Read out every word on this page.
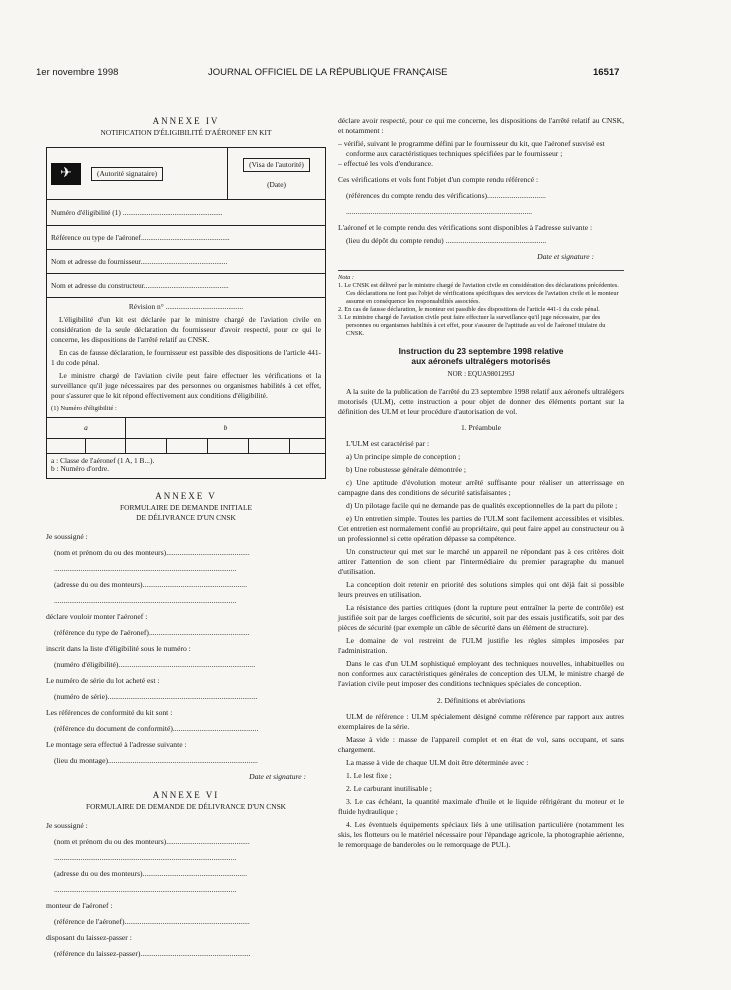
1er novembre 1998	JOURNAL OFFICIEL DE LA RÉPUBLIQUE FRANÇAISE	16517
ANNEXE IV
NOTIFICATION D'ÉLIGIBILITÉ D'AÉRONEF EN KIT
✈	(Autorité signataire)
	(Visa de l'autorité)
(Date)

Numéro d'éligibilité (1) ......................................................
Référence ou type de l'aéronef................................................
Nom et adresse du fournisseur...............................................
Nom et adresse du constructeur..............................................

Révision n° ..........................................

L'éligibilité d'un kit est déclarée par le ministre chargé de l'aviation civile en considération de la seule déclaration du fournisseur d'avoir respecté, pour ce qui le concerne, les dispositions de l'arrêté relatif au CNSK.

En cas de fausse déclaration, le fournisseur est passible des dispositions de l'article 441-1 du code pénal.

Le ministre chargé de l'aviation civile peut faire effectuer les vérifications et la surveillance qu'il juge nécessaires par des personnes ou organismes habilités à cet effet, pour s'assurer que le kit répond effectivement aux conditions d'éligibilité.

(1) Numéro d'éligibilité :

a	b

a : Classe de l'aéronef (1 A, 1 B...).
b : Numéro d'ordre.
ANNEXE V
FORMULAIRE DE DEMANDE INITIALE
DE DÉLIVRANCE D'UN CNSK
Je soussigné :
(nom et prénom du ou des monteurs)............................................
................................................................................................
(adresse du ou des monteurs).......................................................
................................................................................................
déclare vouloir monter l'aéronef :
(référence du type de l'aéronef).....................................................
inscrit dans la liste d'éligibilité sous le numéro :
(numéro d'éligibilité)........................................................................
Le numéro de série du lot acheté est :
(numéro de série)...............................................................................
Les références de conformité du kit sont :
(référence du document de conformité).............................................
Le montage sera effectué à l'adresse suivante :
(lieu du montage)...............................................................................
Date et signature :
ANNEXE VI
FORMULAIRE DE DEMANDE DE DÉLIVRANCE D'UN CNSK
Je soussigné :
(nom et prénom du ou des monteurs)............................................
................................................................................................
(adresse du ou des monteurs).......................................................
................................................................................................
monteur de l'aéronef :
(référence de l'aéronef)..................................................................
disposant du laissez-passer :
(référence du laissez-passer)..........................................................

déclare avoir respecté, pour ce qui me concerne, les dispositions de l'arrêté relatif au CNSK, et notamment :

– vérifié, suivant le programme défini par le fournisseur du kit, que l'aéronef susvisé est conforme aux caractéristiques techniques spécifiées par le fournisseur ;

– effectué les vols d'endurance.

Ces vérifications et vols font l'objet d'un compte rendu référencé :
(références du compte rendu des vérifications)...............................
..................................................................................................

L'aéronef et le compte rendu des vérifications sont disponibles à l'adresse suivante :

(lieu du dépôt du compte rendu) .....................................................
Date et signature :
Nota :

1. Le CNSK est délivré par le ministre chargé de l'aviation civile en considération des déclarations précédentes. Ces déclarations ne font pas l'objet de vérifications spécifiques des services de l'aviation civile et le monteur assume en conséquence les responsabilités associées.

2. En cas de fausse déclaration, le monteur est passible des dispositions de l'article 441-1 du code pénal.

3. Le ministre chargé de l'aviation civile peut faire effectuer la surveillance qu'il juge nécessaire, par des personnes ou organismes habilités à cet effet, pour s'assurer de l'aptitude au vol de l'aéronef titulaire du CNSK.

Instruction du 23 septembre 1998 relative
aux aéronefs ultralégers motorisés
NOR : EQUA9801295J

A la suite de la publication de l'arrêté du 23 septembre 1998 relatif aux aéronefs ultralégers motorisés (ULM), cette instruction a pour objet de donner des éléments portant sur la définition des ULM et leur procédure d'autorisation de vol.

1. Préambule

L'ULM est caractérisé par :

a) Un principe simple de conception ;

b) Une robustesse générale démontrée ;

c) Une aptitude d'évolution moteur arrêté suffisante pour réaliser un atterrissage en campagne dans des conditions de sécurité satisfaisantes ;

d) Un pilotage facile qui ne demande pas de qualités exceptionnelles de la part du pilote ;

e) Un entretien simple. Toutes les parties de l'ULM sont facilement accessibles et visibles. Cet entretien est normalement confié au propriétaire, qui peut faire appel au constructeur ou à un professionnel si cette opération dépasse sa compétence.

Un constructeur qui met sur le marché un appareil ne répondant pas à ces critères doit attirer l'attention de son client par l'intermédiaire du premier paragraphe du manuel d'utilisation.

La conception doit retenir en priorité des solutions simples qui ont déjà fait si possible leurs preuves en utilisation.

La résistance des parties critiques (dont la rupture peut entraîner la perte de contrôle) est justifiée soit par de larges coefficients de sécurité, soit par des essais justificatifs, soit par des pièces de sécurité (par exemple un câble de sécurité dans un élément de structure).

Le domaine de vol restreint de l'ULM justifie les règles simples imposées par l'administration.

Dans le cas d'un ULM sophistiqué employant des techniques nouvelles, inhabituelles ou non conformes aux caractéristiques générales de conception des ULM, le ministre chargé de l'aviation civile peut imposer des conditions techniques spéciales de conception.

2. Définitions et abréviations

ULM de référence : ULM spécialement désigné comme référence par rapport aux autres exemplaires de la série.

Masse à vide : masse de l'appareil complet et en état de vol, sans occupant, et sans chargement.

La masse à vide de chaque ULM doit être déterminée avec :

1. Le lest fixe ;

2. Le carburant inutilisable ;

3. Le cas échéant, la quantité maximale d'huile et le liquide réfrigérant du moteur et le fluide hydraulique ;

4. Les éventuels équipements spéciaux liés à une utilisation particulière (notamment les skis, les flotteurs ou le matériel nécessaire pour l'épandage agricole, la photographie aérienne, le remorquage de banderoles ou le remorquage de PUL).
